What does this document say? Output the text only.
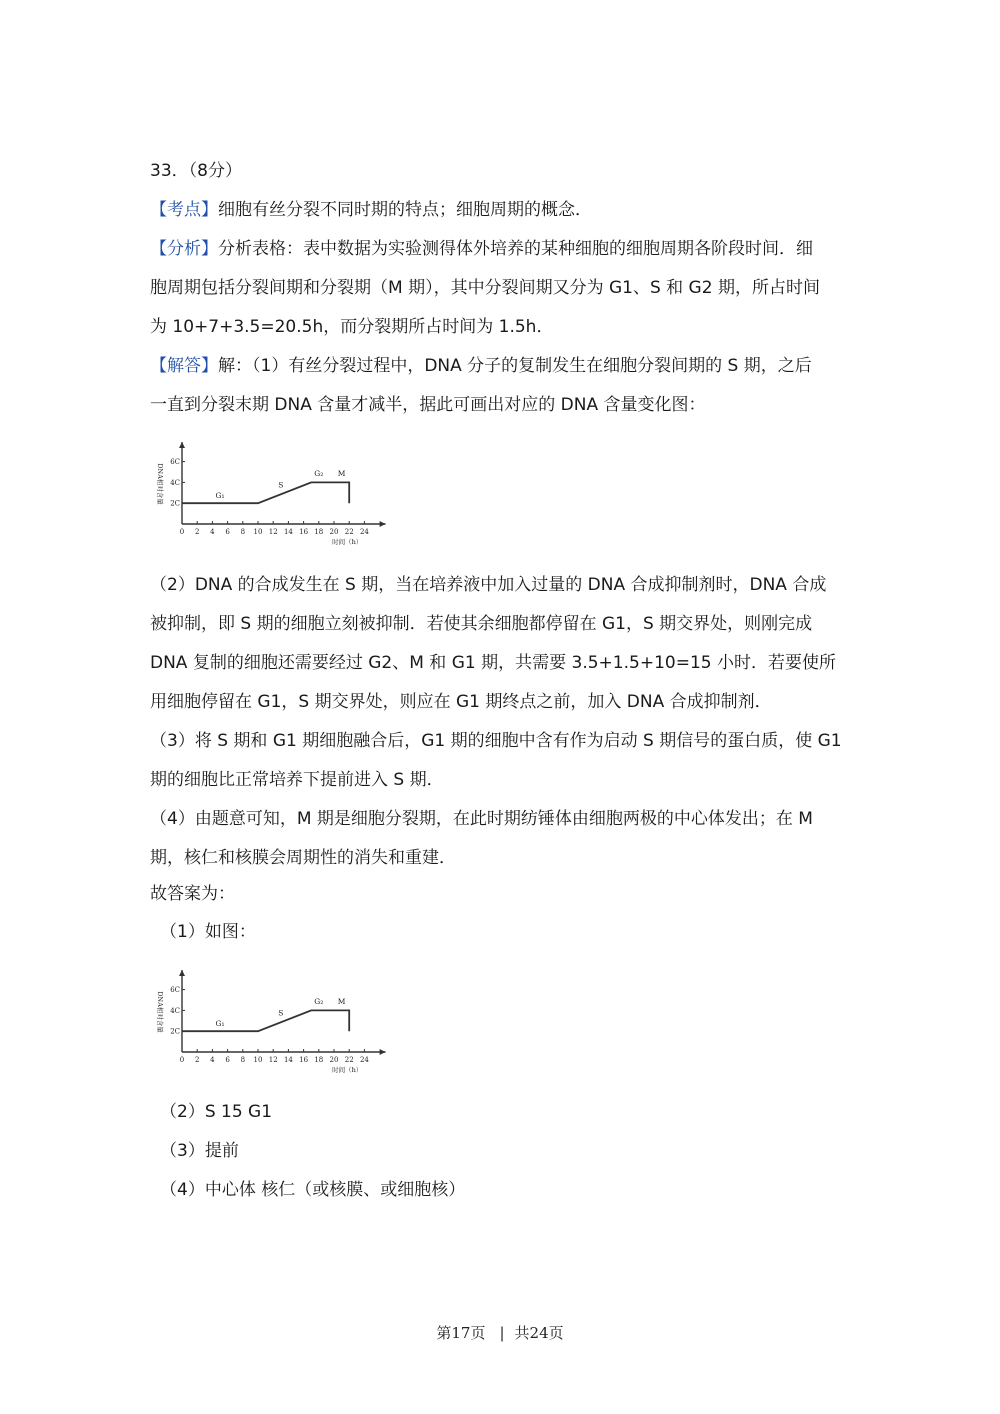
33．（8分）
【考点】细胞有丝分裂不同时期的特点；细胞周期的概念．
【分析】分析表格：表中数据为实验测得体外培养的某种细胞的细胞周期各阶段时间．细
胞周期包括分裂间期和分裂期（M 期），其中分裂间期又分为 G1、S 和 G2 期，所占时间
为 10+7+3.5=20.5h，而分裂期所占时间为 1.5h．
【解答】解：（1）有丝分裂过程中，DNA 分子的复制发生在细胞分裂间期的 S 期，之后
一直到分裂末期 DNA 含量才减半，据此可画出对应的 DNA 含量变化图：
0 2 4 6 8 10 12 14 16 18 20 22 24
2C
4C
6C
时间（h）
DNA相对含量	G₁
S
G₂ M
（2）DNA 的合成发生在 S 期，当在培养液中加入过量的 DNA 合成抑制剂时，DNA 合成
被抑制，即 S 期的细胞立刻被抑制．若使其余细胞都停留在 G1，S 期交界处，则刚完成
DNA 复制的细胞还需要经过 G2、M 和 G1 期，共需要 3.5+1.5+10=15 小时．若要使所
用细胞停留在 G1，S 期交界处，则应在 G1 期终点之前，加入 DNA 合成抑制剂．
（3）将 S 期和 G1 期细胞融合后，G1 期的细胞中含有作为启动 S 期信号的蛋白质，使 G1
期的细胞比正常培养下提前进入 S 期．
（4）由题意可知，M 期是细胞分裂期，在此时期纺锤体由细胞两极的中心体发出；在 M
期，核仁和核膜会周期性的消失和重建．
故答案为：
（1）如图：
0 2 4 6 8 10 12 14 16 18 20 22 24
2C
4C
6C
时间（h）
DNA相对含量	G₁
S
G₂ M
（2）S 15 G1
（3）提前
（4）中心体 核仁（或核膜、或细胞核）
第17页 | 共24页
